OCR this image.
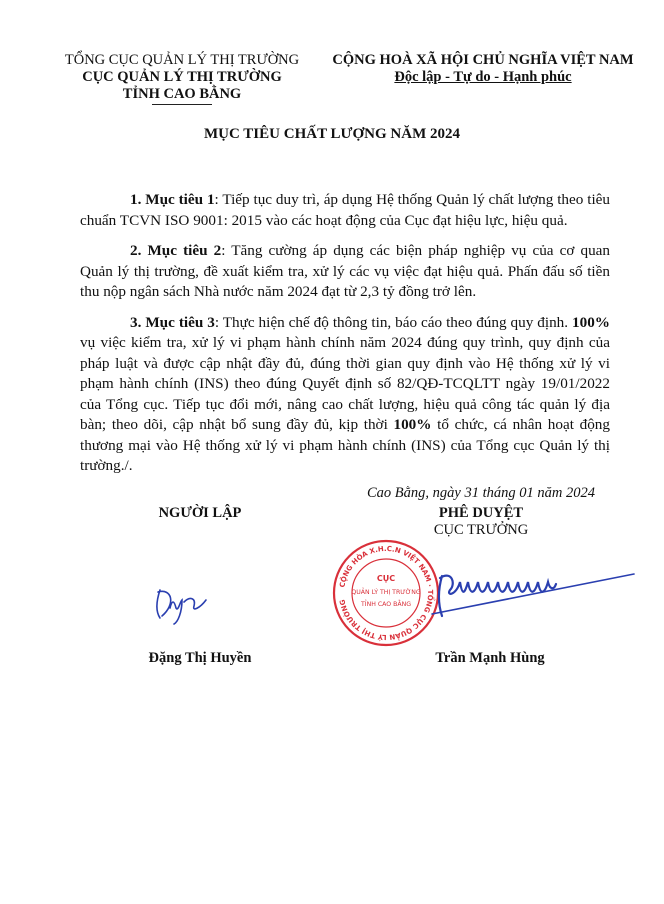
TỔNG CỤC QUẢN LÝ THỊ TRƯỜNG
CỤC QUẢN LÝ THỊ TRƯỜNG
TỈNH CAO BẰNG
CỘNG HOÀ XÃ HỘI CHỦ NGHĨA VIỆT NAM
Độc lập - Tự do - Hạnh phúc
MỤC TIÊU CHẤT LƯỢNG NĂM 2024

1. Mục tiêu 1: Tiếp tục duy trì, áp dụng Hệ thống Quản lý chất lượng theo tiêu chuẩn TCVN ISO 9001: 2015 vào các hoạt động của Cục đạt hiệu lực, hiệu quả.

2. Mục tiêu 2: Tăng cường áp dụng các biện pháp nghiệp vụ của cơ quan Quản lý thị trường, đề xuất kiểm tra, xử lý các vụ việc đạt hiệu quả. Phấn đấu số tiền thu nộp ngân sách Nhà nước năm 2024 đạt từ 2,3 tỷ đồng trở lên.

3. Mục tiêu 3: Thực hiện chế độ thông tin, báo cáo theo đúng quy định. 100% vụ việc kiểm tra, xử lý vi phạm hành chính năm 2024 đúng quy trình, quy định của pháp luật và được cập nhật đầy đủ, đúng thời gian quy định vào Hệ thống xử lý vi phạm hành chính (INS) theo đúng Quyết định số 82/QĐ-TCQLTT ngày 19/01/2022 của Tổng cục. Tiếp tục đổi mới, nâng cao chất lượng, hiệu quả công tác quản lý địa bàn; theo dõi, cập nhật bổ sung đầy đủ, kịp thời 100% tổ chức, cá nhân hoạt động thương mại vào Hệ thống xử lý vi phạm hành chính (INS) của Tổng cục Quản lý thị trường./.

Cao Bằng, ngày 31 tháng 01 năm 2024
NGƯỜI LẬP	PHÊ DUYỆT
CỤC TRƯỞNG
CỘNG HÒA X.H.C.N VIỆT NAM · TỔNG CỤC QUẢN LÝ THỊ TRƯỜNG
CỤC
QUẢN LÝ THỊ TRƯỜNG
TỈNH CAO BẰNG
Đặng Thị Huyền	Trần Mạnh Hùng
